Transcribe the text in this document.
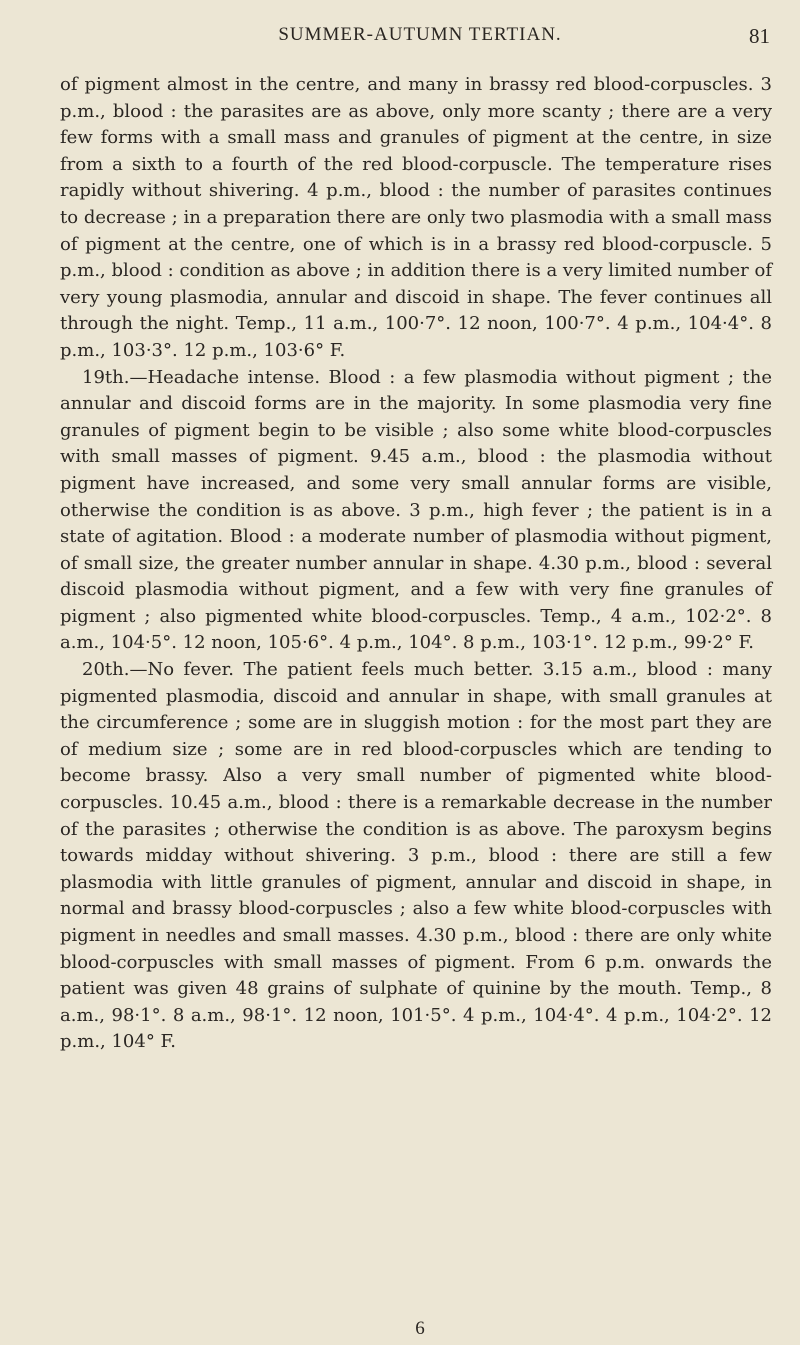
SUMMER-AUTUMN TERTIAN.	81

of pigment almost in the centre, and many in brassy red blood-corpuscles. 3 p.m., blood : the parasites are as above, only more scanty ; there are a very few forms with a small mass and granules of pigment at the centre, in size from a sixth to a fourth of the red blood-corpuscle. The temperature rises rapidly without shivering. 4 p.m., blood : the number of parasites continues to decrease ; in a preparation there are only two plasmodia with a small mass of pigment at the centre, one of which is in a brassy red blood-corpuscle. 5 p.m., blood : condition as above ; in addition there is a very limited number of very young plasmodia, annular and discoid in shape. The fever continues all through the night. Temp., 11 a.m., 100·7°. 12 noon, 100·7°. 4 p.m., 104·4°. 8 p.m., 103·3°. 12 p.m., 103·6° F.

19th.—Headache intense. Blood : a few plasmodia without pigment ; the annular and discoid forms are in the majority. In some plasmodia very fine granules of pigment begin to be visible ; also some white blood-corpuscles with small masses of pigment. 9.45 a.m., blood : the plasmodia without pigment have increased, and some very small annular forms are visible, otherwise the condition is as above. 3 p.m., high fever ; the patient is in a state of agitation. Blood : a moderate number of plasmodia without pigment, of small size, the greater number annular in shape. 4.30 p.m., blood : several discoid plasmodia without pigment, and a few with very fine granules of pigment ; also pigmented white blood-corpuscles. Temp., 4 a.m., 102·2°. 8 a.m., 104·5°. 12 noon, 105·6°. 4 p.m., 104°. 8 p.m., 103·1°. 12 p.m., 99·2° F.

20th.—No fever. The patient feels much better. 3.15 a.m., blood : many pigmented plasmodia, discoid and annular in shape, with small granules at the circumference ; some are in sluggish motion : for the most part they are of medium size ; some are in red blood-corpuscles which are tending to become brassy. Also a very small number of pigmented white blood-corpuscles. 10.45 a.m., blood : there is a remarkable decrease in the number of the parasites ; otherwise the condition is as above. The paroxysm begins towards midday without shivering. 3 p.m., blood : there are still a few plasmodia with little granules of pigment, annular and discoid in shape, in normal and brassy blood-corpuscles ; also a few white blood-corpuscles with pigment in needles and small masses. 4.30 p.m., blood : there are only white blood-corpuscles with small masses of pigment. From 6 p.m. onwards the patient was given 48 grains of sulphate of quinine by the mouth. Temp., 8 a.m., 98·1°. 8 a.m., 98·1°. 12 noon, 101·5°. 4 p.m., 104·4°. 4 p.m., 104·2°. 12 p.m., 104° F.

6
